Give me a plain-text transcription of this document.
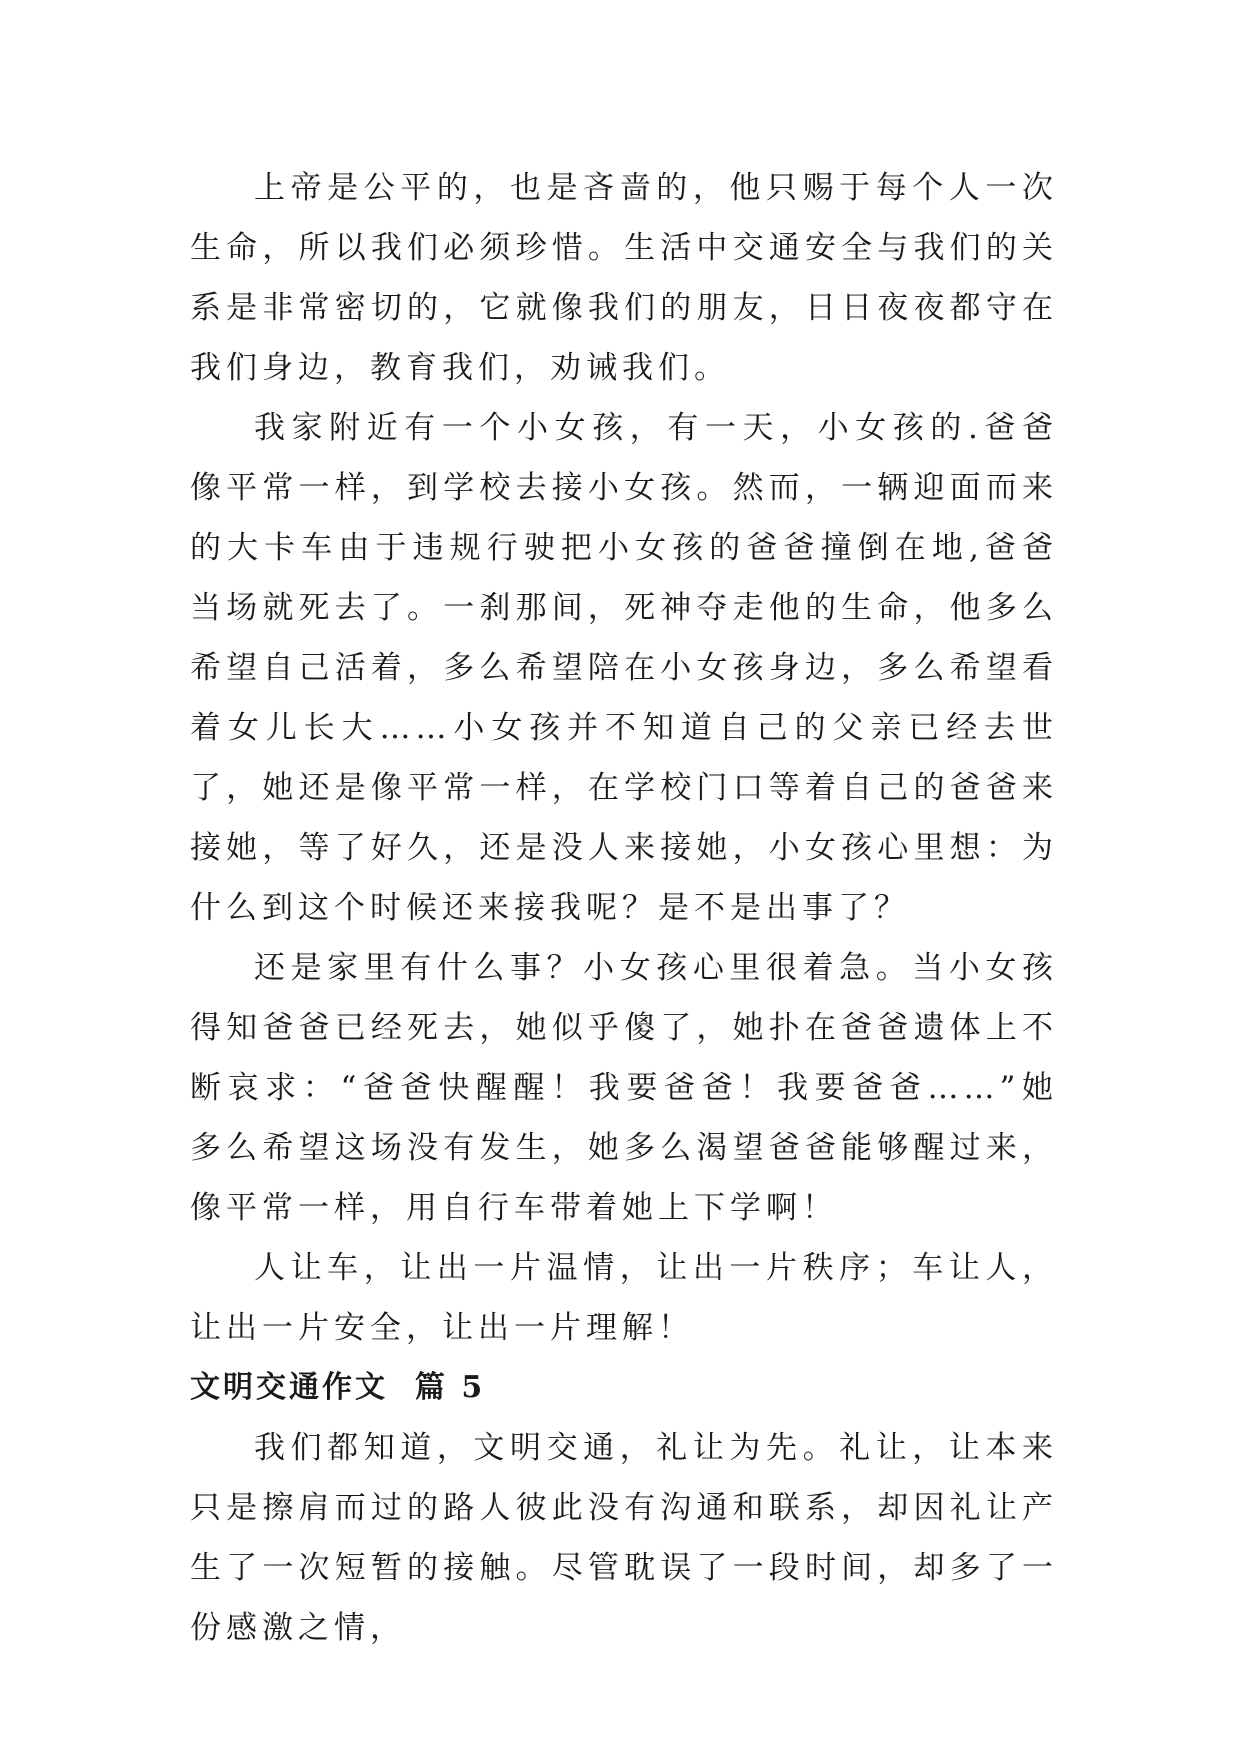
上帝是公平的，也是吝啬的，他只赐于每个人一次生命，所以我们必须珍惜。生活中交通安全与我们的关系是非常密切的，它就像我们的朋友，日日夜夜都守在我们身边，教育我们，劝诫我们。

我家附近有一个小女孩，有一天，小女孩的.爸爸像平常一样，到学校去接小女孩。然而，一辆迎面而来的大卡车由于违规行驶把小女孩的爸爸撞倒在地,爸爸当场就死去了。一刹那间，死神夺走他的生命，他多么希望自己活着，多么希望陪在小女孩身边，多么希望看着女儿长大……小女孩并不知道自己的父亲已经去世了，她还是像平常一样，在学校门口等着自己的爸爸来接她，等了好久，还是没人来接她，小女孩心里想：为什么到这个时候还来接我呢？是不是出事了？

还是家里有什么事？小女孩心里很着急。当小女孩得知爸爸已经死去，她似乎傻了，她扑在爸爸遗体上不断哀求：“爸爸快醒醒！我要爸爸！我要爸爸……”她多么希望这场没有发生，她多么渴望爸爸能够醒过来，像平常一样，用自行车带着她上下学啊！

人让车，让出一片温情，让出一片秩序；车让人，让出一片安全，让出一片理解！

文明交通作文  篇 5

我们都知道，文明交通，礼让为先。礼让，让本来只是擦肩而过的路人彼此没有沟通和联系，却因礼让产生了一次短暂的接触。尽管耽误了一段时间，却多了一份感激之情，
